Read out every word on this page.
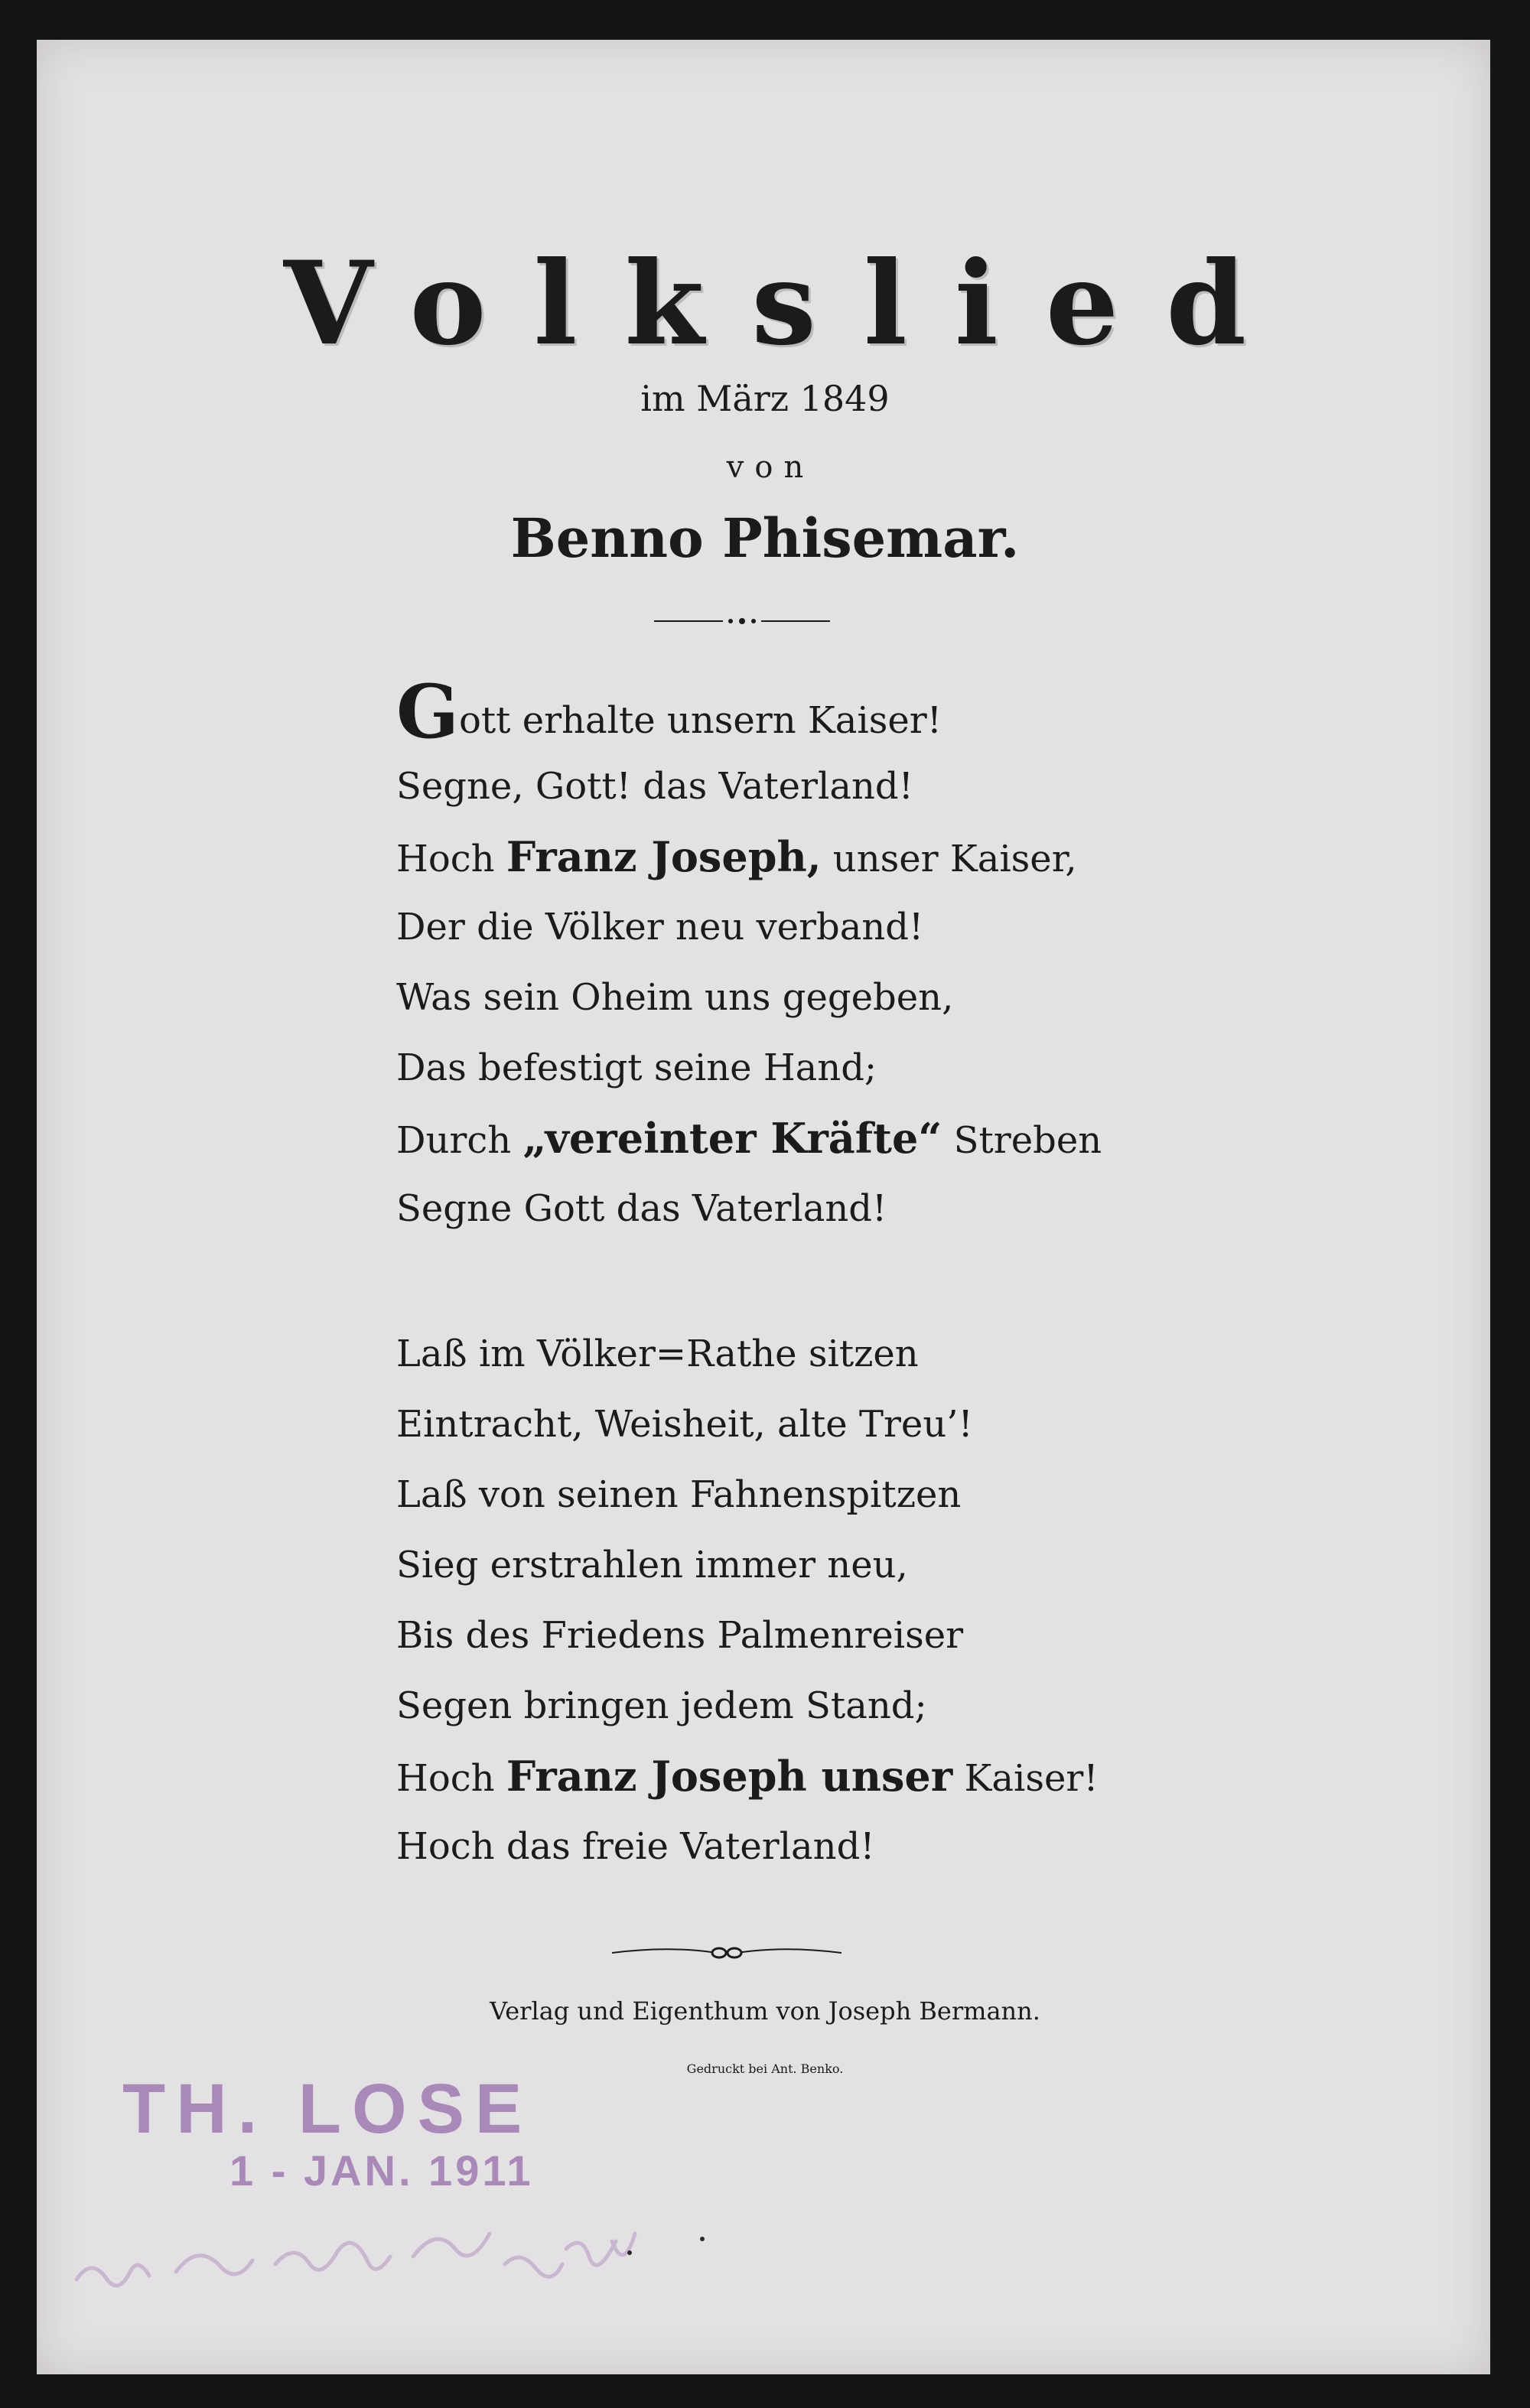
Volkslied
im März 1849
von
Benno Phisemar.
Gott erhalte unsern Kaiser!
Segne, Gott! das Vaterland!
Hoch Franz Joseph, unser Kaiser,
Der die Völker neu verband!
Was sein Oheim uns gegeben,
Das befestigt seine Hand;
Durch „vereinter Kräfte“ Streben
Segne Gott das Vaterland!
Laß im Völker=Rathe sitzen
Eintracht, Weisheit, alte Treu’!
Laß von seinen Fahnenspitzen
Sieg erstrahlen immer neu,
Bis des Friedens Palmenreiser
Segen bringen jedem Stand;
Hoch Franz Joseph unser Kaiser!
Hoch das freie Vaterland!
Verlag und Eigenthum von Joseph Bermann.
Gedruckt bei Ant. Benko.
TH. LOSE
1 - JAN. 1911
